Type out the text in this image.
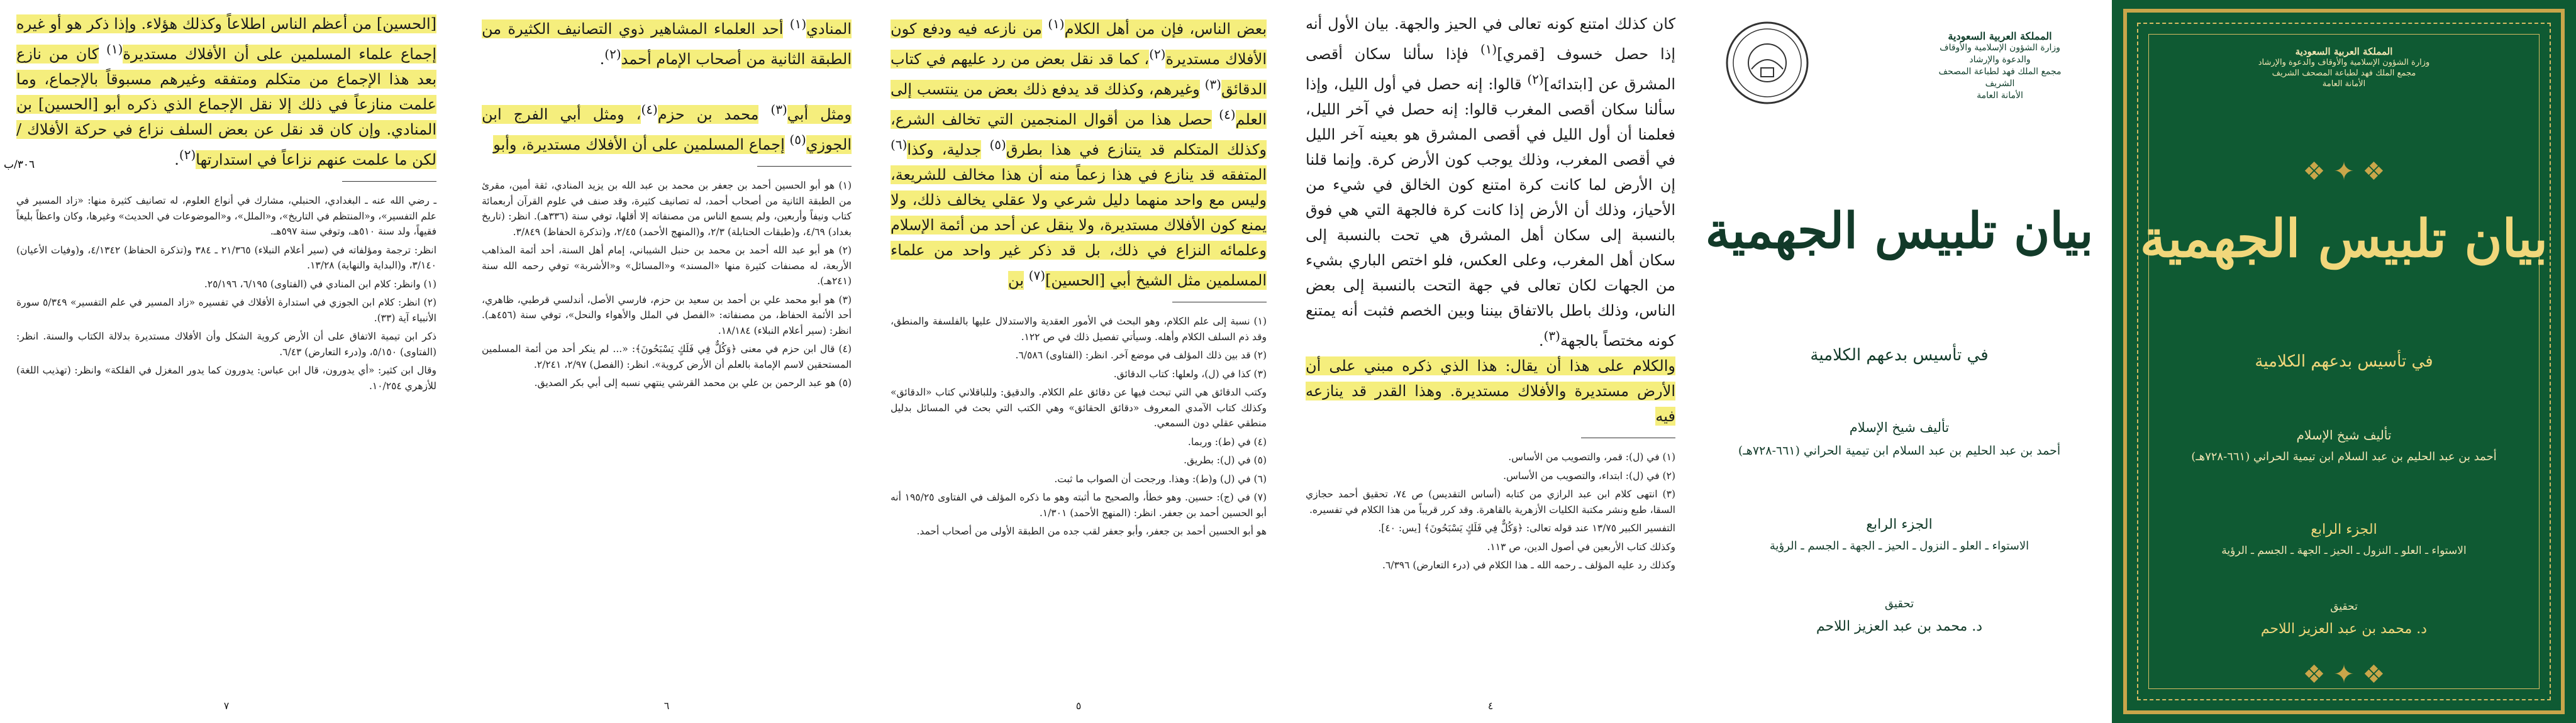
[الحسين] من أعظم الناس اطلاعاً وكذلك هؤلاء. وإذا ذكر هو أو غيره إجماع علماء المسلمين على أن الأفلاك مستديرة$^{(١)}$ كان من نازع بعد هذا الإجماع من متكلم ومتفقه وغيرهم مسبوقاً بالإجماع، وما علمت منازعاً في ذلك إلا نقل الإجماع الذي ذكره أبو [الحسين] بن المنادي. وإن كان قد نقل عن بعض السلف نزاع في حركة الأفلاك / لكن ما علمت عنهم نزاعاً في استدارتها$^{(٢)}$.

ـ رضي الله عنه ـ البغدادي، الحنبلي، مشارك في أنواع العلوم، له تصانيف كثيرة منها: «زاد المسير في علم التفسير»، و«المنتظم في التاريخ»، و«الملل»، و«الموضوعات في الحديث» وغيرها، وكان واعظاً بليغاً فقيهاً، ولد سنة ٥١٠هـ، وتوفي سنة ٥٩٧هـ.

انظر: ترجمة ومؤلفاته في (سير أعلام النبلاء) ٢١/٣٦٥ ـ ٣٨٤ و(تذكرة الحفاظ) ٤/١٣٤٢، و(وفيات الأعيان) ٣/١٤٠، و(البداية والنهاية) ١٣/٢٨.

(١) وانظر: كلام ابن المنادي في (الفتاوى) ٦/١٩٥، ٢٥/١٩٦.

(٢) انظر: كلام ابن الجوزي في استدارة الأفلاك في تفسيره «زاد المسير في علم التفسير» ٥/٣٤٩ سورة الأنبياء آية (٣٣).

ذكر ابن تيمية الاتفاق على أن الأرض كروية الشكل وأن الأفلاك مستديرة بدلالة الكتاب والسنة. انظر: (الفتاوى) ٥/١٥٠، و(درء التعارض) ٦/٤٣.

وقال ابن كثير: «أي يدورون، قال ابن عباس: يدورون كما يدور المغزل في الفلكة» وانظر: (تهذيب اللغة) للأزهري ١٠/٢٥٤.

٧
٣٠٦/ب
المنادي$^{(١)}$ أحد العلماء المشاهير ذوي التصانيف الكثيرة من الطبقة الثانية من أصحاب الإمام أحمد$^{(٢)}$.

ومثل أبي$^{(٣)}$ محمد بن حزم$^{(٤)}$، ومثل أبي الفرج ابن الجوزي$^{(٥)}$ إجماع المسلمين على أن الأفلاك مستديرة، وأبو

(١) هو أبو الحسين أحمد بن جعفر بن محمد بن عبد الله بن يزيد المنادي، ثقة أمين، مقرئ من الطبقة الثانية من أصحاب أحمد، له تصانيف كثيرة، وقد صنف في علوم القرآن أربعمائة كتاب ونيفاً وأربعين، ولم يسمع الناس من مصنفاته إلا أقلها، توفي سنة (٣٣٦هـ). انظر: (تاريخ بغداد) ٤/٦٩، و(طبقات الحنابلة) ٢/٣، و(المنهج الأحمد) ٢/٤٥، و(تذكرة الحفاظ) ٣/٨٤٩.

(٢) هو أبو عبد الله أحمد بن محمد بن حنبل الشيباني، إمام أهل السنة، أحد أئمة المذاهب الأربعة، له مصنفات كثيرة منها «المسند» و«المسائل» و«الأشربة» توفي رحمه الله سنة (٢٤١هـ).

(٣) هو أبو محمد علي بن أحمد بن سعيد بن حزم، فارسي الأصل، أندلسي قرطبي، ظاهري، أحد الأئمة الحفاظ، من مصنفاته: «الفصل في الملل والأهواء والنحل»، توفي سنة (٤٥٦هـ). انظر: (سير أعلام النبلاء) ١٨/١٨٤.

(٤) قال ابن حزم في معنى ﴿وَكُلٌّ فِي فَلَكٍ يَسْبَحُونَ﴾: «... لم ينكر أحد من أئمة المسلمين المستحقين لاسم الإمامة بالعلم أن الأرض كروية». انظر: (الفصل) ٢/٩٧، ٢/٢٤١.

(٥) هو عبد الرحمن بن علي بن محمد القرشي ينتهي نسبه إلى أبي بكر الصديق.

٦
بعض الناس، فإن من أهل الكلام$^{(١)}$ من نازعه فيه ودفع كون الأفلاك مستديرة$^{(٢)}$، كما قد نقل بعض من رد عليهم في كتاب الدقائق$^{(٣)}$ وغيرهم، وكذلك قد يدفع ذلك بعض من ينتسب إلى العلم$^{(٤)}$ حصل هذا من أقوال المنجمين التي تخالف الشرع، وكذلك المتكلم قد يتنازع في هذا بطرق$^{(٥)}$ جدلية، وكذا$^{(٦)}$ المتفقه قد ينازع في هذا زعماً منه أن هذا مخالف للشريعة، وليس مع واحد منهما دليل شرعي ولا عقلي يخالف ذلك، ولا يمنع كون الأفلاك مستديرة، ولا ينقل عن أحد من أئمة الإسلام وعلمائه النزاع في ذلك، بل قد ذكر غير واحد من علماء المسلمين مثل الشيخ أبي [الحسين]$^{(٧)}$ بن

(١) نسبة إلى علم الكلام، وهو البحث في الأمور العقدية والاستدلال عليها بالفلسفة والمنطق، وقد ذم السلف الكلام وأهله. وسيأتي تفصيل ذلك في ص ١٢٢.

(٢) قد بين ذلك المؤلف في موضع آخر. انظر: (الفتاوى) ٦/٥٨٦.

(٣) كذا في (ل)، ولعلها: كتاب الدقائق.

وكتب الدقائق هي التي تبحث فيها عن دقائق علم الكلام. والدقيق: وللباقلاني كتاب «الدقائق» وكذلك كتاب الآمدي المعروف «دقائق الحقائق» وهي الكتب التي بحث في المسائل بدليل منطقي عقلي دون السمعي.

(٤) في (ط): وربما.

(٥) في (ل): بطريق.

(٦) في (ل) و(ط): وهذا. ورجحت أن الصواب ما ثبت.

(٧) في (ج): حسين. وهو خطأ، والصحيح ما أثبته وهو ما ذكره المؤلف في الفتاوى ١٩٥/٢٥ أنه أبو الحسين أحمد بن جعفر. انظر: (المنهج الأحمد) ١/٣٠١.

هو أبو الحسين أحمد بن جعفر، وأبو جعفر لقب جده من الطبقة الأولى من أصحاب أحمد.

٥
كان كذلك امتنع كونه تعالى في الحيز والجهة. بيان الأول أنه إذا حصل خسوف [قمري]$^{(١)}$ فإذا سألنا سكان أقصى المشرق عن [ابتدائه]$^{(٢)}$ قالوا: إنه حصل في أول الليل، وإذا سألنا سكان أقصى المغرب قالوا: إنه حصل في آخر الليل، فعلمنا أن أول الليل في أقصى المشرق هو بعينه آخر الليل في أقصى المغرب، وذلك يوجب كون الأرض كرة. وإنما قلنا إن الأرض لما كانت كرة امتنع كون الخالق في شيء من الأحياز، وذلك أن الأرض إذا كانت كرة فالجهة التي هي فوق بالنسبة إلى سكان أهل المشرق هي تحت بالنسبة إلى سكان أهل المغرب، وعلى العكس، فلو اختص الباري بشيء من الجهات لكان تعالى في جهة التحت بالنسبة إلى بعض الناس، وذلك باطل بالاتفاق بيننا وبين الخصم فثبت أنه يمتنع كونه مختصاً بالجهة$^{(٣)}$.
والكلام على هذا أن يقال: هذا الذي ذكره مبني على أن الأرض مستديرة والأفلاك مستديرة. وهذا القدر قد ينازعه فيه

(١) في (ل): قمر، والتصويب من الأساس.

(٢) في (ل): ابتداء، والتصويب من الأساس.

(٣) انتهى كلام ابن عبد الرازي من كتابه (أساس التقديس) ص ٧٤، تحقيق أحمد حجازي السقا، طبع ونشر مكتبة الكليات الأزهرية بالقاهرة. وقد كرر قريباً من هذا الكلام في تفسيره.

التفسير الكبير ١٣/٧٥ عند قوله تعالى: ﴿وَكُلٌّ فِي فَلَكٍ يَسْبَحُونَ﴾ [يس: ٤٠].

وكذلك كتاب الأربعين في أصول الدين، ص ١١٣.

وكذلك رد عليه المؤلف ـ رحمه الله ـ هذا الكلام في (درء التعارض) ٦/٣٩٦.

٤
المملكة العربية السعودية
وزارة الشؤون الإسلامية والأوقاف والدعوة والإرشاد
مجمع الملك فهد لطباعة المصحف الشريف
الأمانة العامة
بيان تلبيس الجهمية
في تأسيس بدعهم الكلامية
تأليف شيخ الإسلام
أحمد بن عبد الحليم بن عبد السلام ابن تيمية الحراني (٦٦١-٧٢٨هـ)
الجزء الرابع
الاستواء ـ العلو ـ النزول ـ الحيز ـ الجهة ـ الجسم ـ الرؤية
تحقيق
د. محمد بن عبد العزيز اللاحم
المملكة العربية السعودية
وزارة الشؤون الإسلامية والأوقاف والدعوة والإرشاد
مجمع الملك فهد لطباعة المصحف الشريف
الأمانة العامة
❖ ✦ ❖
بيان تلبيس الجهمية
في تأسيس بدعهم الكلامية
تأليف شيخ الإسلام
أحمد بن عبد الحليم بن عبد السلام ابن تيمية الحراني (٦٦١-٧٢٨هـ)
الجزء الرابع
الاستواء ـ العلو ـ النزول ـ الحيز ـ الجهة ـ الجسم ـ الرؤية
تحقيق
د. محمد بن عبد العزيز اللاحم
❖ ✦ ❖
